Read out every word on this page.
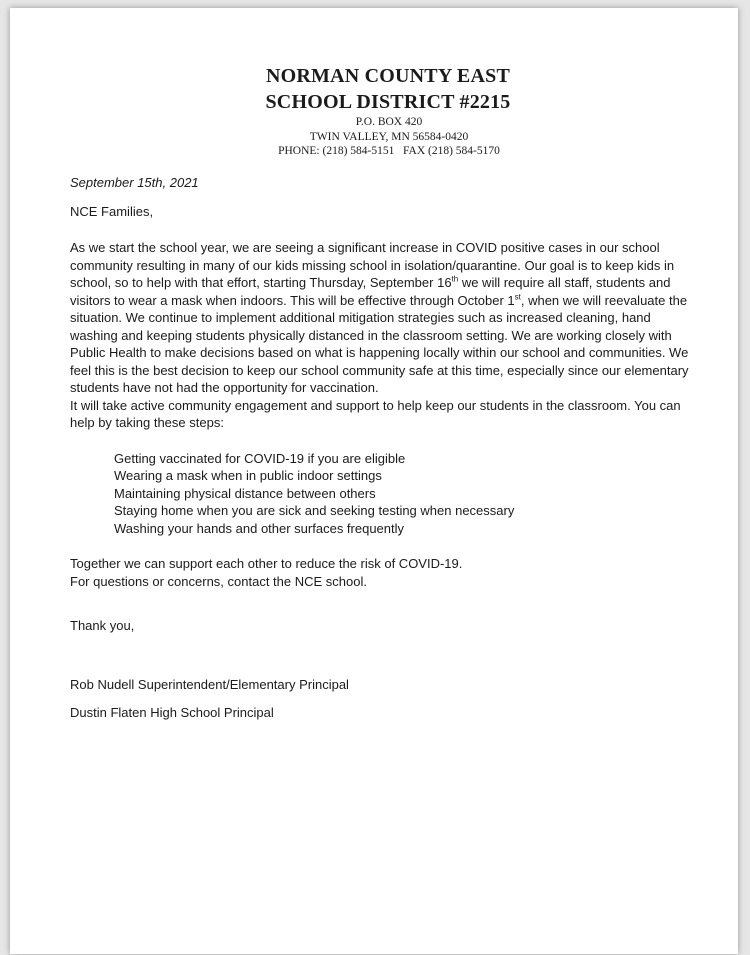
NORMAN COUNTY EAST
SCHOOL DISTRICT #2215
P.O. BOX 420
TWIN VALLEY, MN 56584-0420
PHONE: (218) 584-5151   FAX (218) 584-5170

September 15th, 2021

NCE Families,

As we start the school year, we are seeing a significant increase in COVID positive cases in our school community resulting in many of our kids missing school in isolation/quarantine. Our goal is to keep kids in school, so to help with that effort, starting Thursday, September 16th we will require all staff, students and visitors to wear a mask when indoors. This will be effective through October 1st, when we will reevaluate the situation. We continue to implement additional mitigation strategies such as increased cleaning, hand washing and keeping students physically distanced in the classroom setting. We are working closely with Public Health to make decisions based on what is happening locally within our school and communities. We feel this is the best decision to keep our school community safe at this time, especially since our elementary students have not had the opportunity for vaccination.

It will take active community engagement and support to help keep our students in the classroom. You can help by taking these steps:

Getting vaccinated for COVID-19 if you are eligible
Wearing a mask when in public indoor settings
Maintaining physical distance between others
Staying home when you are sick and seeking testing when necessary
Washing your hands and other surfaces frequently

Together we can support each other to reduce the risk of COVID-19.
For questions or concerns, contact the NCE school.

Thank you,

Rob Nudell Superintendent/Elementary Principal
Dustin Flaten High School Principal
